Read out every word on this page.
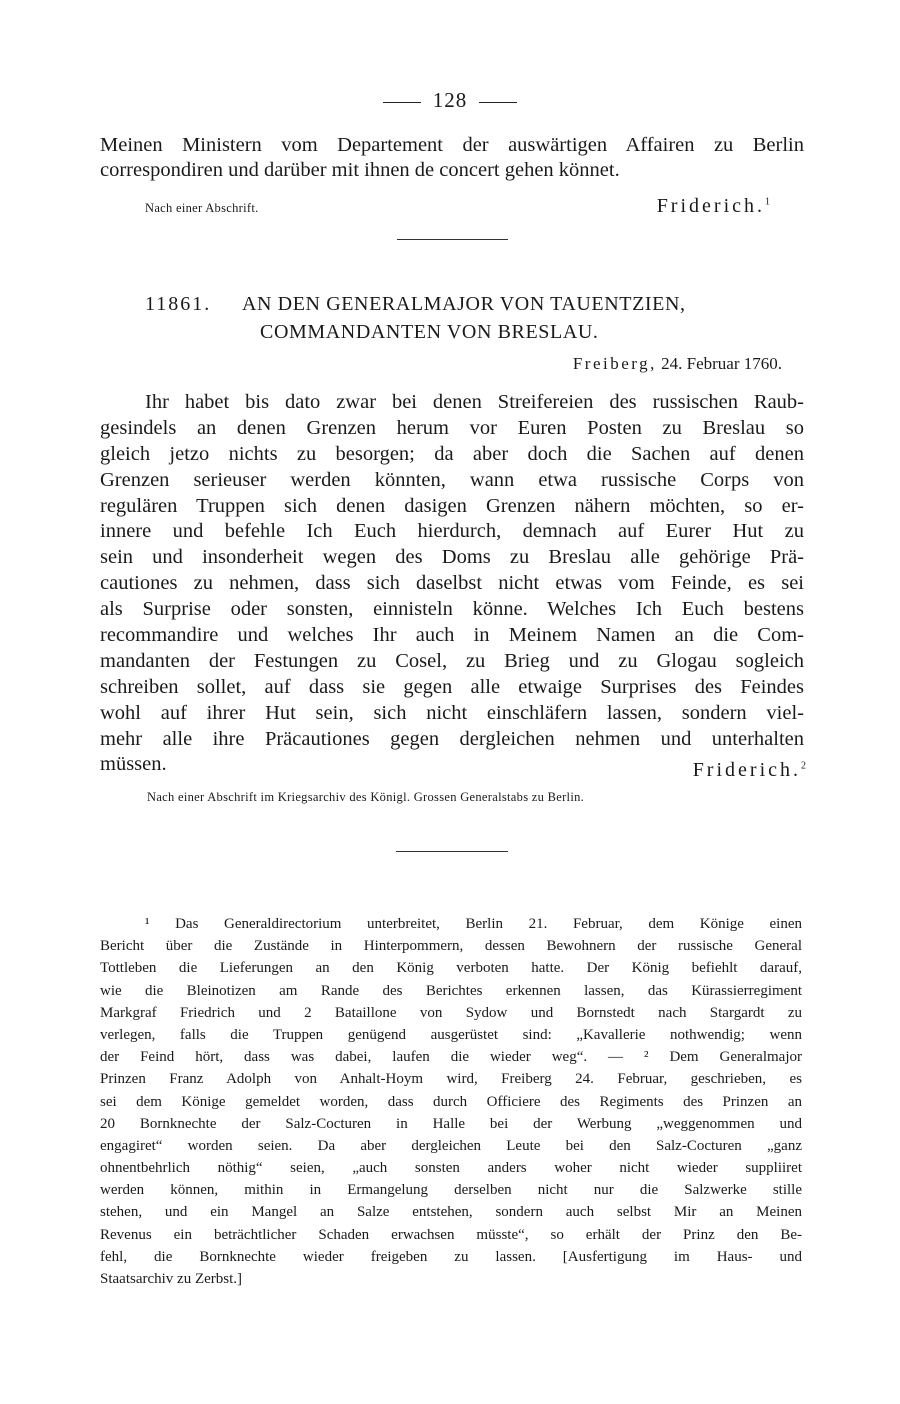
128
Meinen Ministern vom Departement der auswärtigen Affairen zu Berlin
correspondiren und darüber mit ihnen de concert gehen könnet.
Nach einer Abschrift.	Friderich.$^1$
11861. AN DEN GENERALMAJOR VON TAUENTZIEN,
COMMANDANTEN VON BRESLAU.
Freiberg, 24. Februar 1760.
Ihr habet bis dato zwar bei denen Streifereien des russischen Raub-
gesindels an denen Grenzen herum vor Euren Posten zu Breslau so
gleich jetzo nichts zu besorgen; da aber doch die Sachen auf denen
Grenzen serieuser werden könnten, wann etwa russische Corps von
regulären Truppen sich denen dasigen Grenzen nähern möchten, so er-
innere und befehle Ich Euch hierdurch, demnach auf Eurer Hut zu
sein und insonderheit wegen des Doms zu Breslau alle gehörige Prä-
cautiones zu nehmen, dass sich daselbst nicht etwas vom Feinde, es sei
als Surprise oder sonsten, einnisteln könne. Welches Ich Euch bestens
recommandire und welches Ihr auch in Meinem Namen an die Com-
mandanten der Festungen zu Cosel, zu Brieg und zu Glogau sogleich
schreiben sollet, auf dass sie gegen alle etwaige Surprises des Feindes
wohl auf ihrer Hut sein, sich nicht einschläfern lassen, sondern viel-
mehr alle ihre Präcautiones gegen dergleichen nehmen und unterhalten
müssen.	Friderich.$^2$
Nach einer Abschrift im Kriegsarchiv des Königl. Grossen Generalstabs zu Berlin.
¹ Das Generaldirectorium unterbreitet, Berlin 21. Februar, dem Könige einen
Bericht über die Zustände in Hinterpommern, dessen Bewohnern der russische General
Tottleben die Lieferungen an den König verboten hatte. Der König befiehlt darauf,
wie die Bleinotizen am Rande des Berichtes erkennen lassen, das Kürassierregiment
Markgraf Friedrich und 2 Bataillone von Sydow und Bornstedt nach Stargardt zu
verlegen, falls die Truppen genügend ausgerüstet sind: „Kavallerie nothwendig; wenn
der Feind hört, dass was dabei, laufen die wieder weg“. — ² Dem Generalmajor
Prinzen Franz Adolph von Anhalt-Hoym wird, Freiberg 24. Februar, geschrieben, es
sei dem Könige gemeldet worden, dass durch Officiere des Regiments des Prinzen an
20 Bornknechte der Salz-Cocturen in Halle bei der Werbung „weggenommen und
engagiret“ worden seien. Da aber dergleichen Leute bei den Salz-Cocturen „ganz
ohnentbehrlich nöthig“ seien, „auch sonsten anders woher nicht wieder suppliiret
werden können, mithin in Ermangelung derselben nicht nur die Salzwerke stille
stehen, und ein Mangel an Salze entstehen, sondern auch selbst Mir an Meinen
Revenus ein beträchtlicher Schaden erwachsen müsste“, so erhält der Prinz den Be-
fehl, die Bornknechte wieder freigeben zu lassen. [Ausfertigung im Haus- und
Staatsarchiv zu Zerbst.]
